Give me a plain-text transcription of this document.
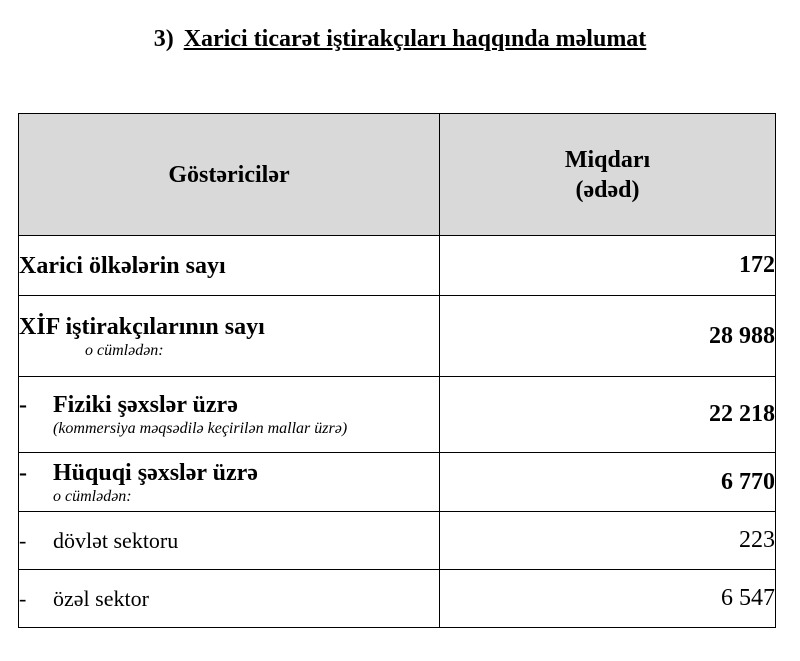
3) Xarici ticarət iştirakçıları haqqında məlumat
Göstəricilər	Miqdarı
(ədəd)

Xarici ölkələrin sayı	172

XİF iştirakçılarının sayı
o cümlədən:	28 988

- Fiziki şəxslər üzrə
(kommersiya məqsədilə keçirilən mallar üzrə)	22 218

- Hüquqi şəxslər üzrə
o cümlədən:	6 770

- dövlət sektoru	223

- özəl sektor	6 547
